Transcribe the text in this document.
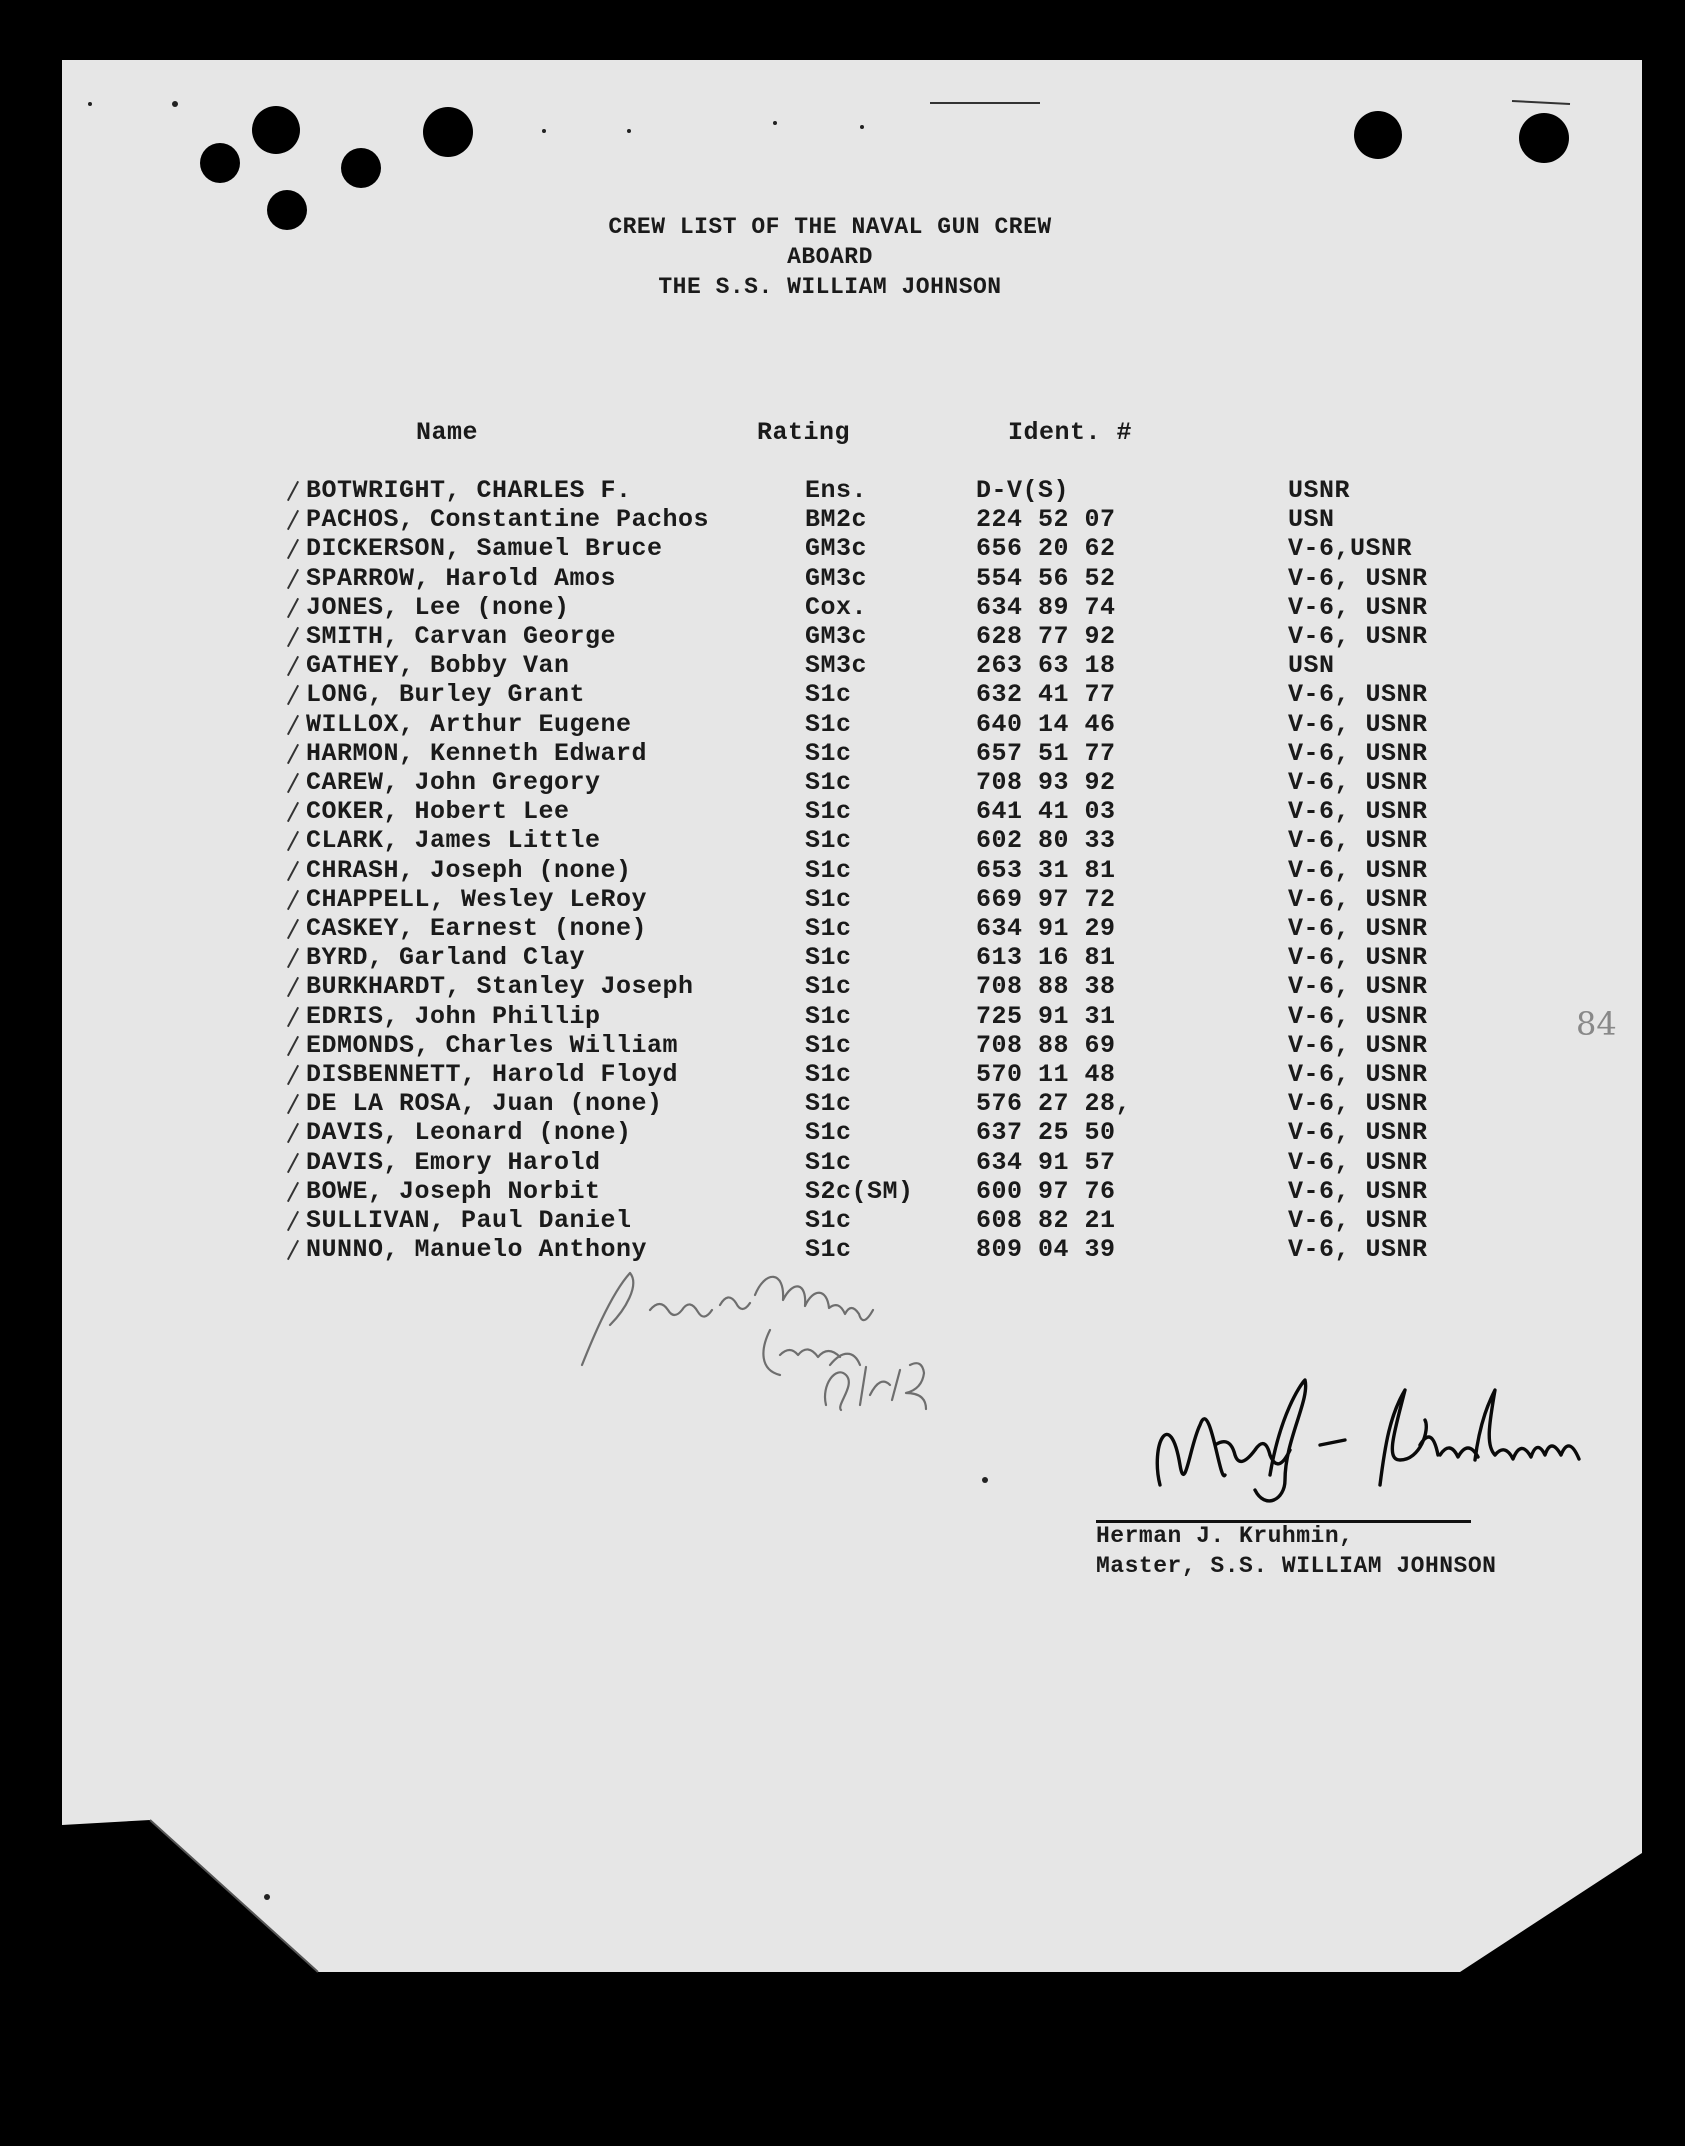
CREW LIST OF THE NAVAL GUN CREW ABOARD
THE S.S. WILLIAM JOHNSON
Name	Rating	Ident. #
BOTWRIGHT, CHARLES F.	Ens.	D-V(S)	USNR
PACHOS, Constantine Pachos	BM2c	224 52 07	USN
DICKERSON, Samuel Bruce	GM3c	656 20 62	V-6,USNR
SPARROW, Harold Amos	GM3c	554 56 52	V-6, USNR
JONES, Lee (none)	Cox.	634 89 74	V-6, USNR
SMITH, Carvan George	GM3c	628 77 92	V-6, USNR
GATHEY, Bobby Van	SM3c	263 63 18	USN
LONG, Burley Grant	S1c	632 41 77	V-6, USNR
WILLOX, Arthur Eugene	S1c	640 14 46	V-6, USNR
HARMON, Kenneth Edward	S1c	657 51 77	V-6, USNR
CAREW, John Gregory	S1c	708 93 92	V-6, USNR
COKER, Hobert Lee	S1c	641 41 03	V-6, USNR
CLARK, James Little	S1c	602 80 33	V-6, USNR
CHRASH, Joseph (none)	S1c	653 31 81	V-6, USNR
CHAPPELL, Wesley LeRoy	S1c	669 97 72	V-6, USNR
CASKEY, Earnest (none)	S1c	634 91 29	V-6, USNR
BYRD, Garland Clay	S1c	613 16 81	V-6, USNR
BURKHARDT, Stanley Joseph	S1c	708 88 38	V-6, USNR
EDRIS, John Phillip	S1c	725 91 31	V-6, USNR
EDMONDS, Charles William	S1c	708 88 69	V-6, USNR
DISBENNETT, Harold Floyd	S1c	570 11 48	V-6, USNR
DE LA ROSA, Juan (none)	S1c	576 27 28,	V-6, USNR
DAVIS, Leonard (none)	S1c	637 25 50	V-6, USNR
DAVIS, Emory Harold	S1c	634 91 57	V-6, USNR
BOWE, Joseph Norbit	S2c(SM) 600 97 76	V-6, USNR
SULLIVAN, Paul Daniel	S1c	608 82 21	V-6, USNR
NUNNO, Manuelo Anthony	S1c	809 04 39	V-6, USNR
84
Herman J. Kruhmin,
Master, S.S. WILLIAM JOHNSON
